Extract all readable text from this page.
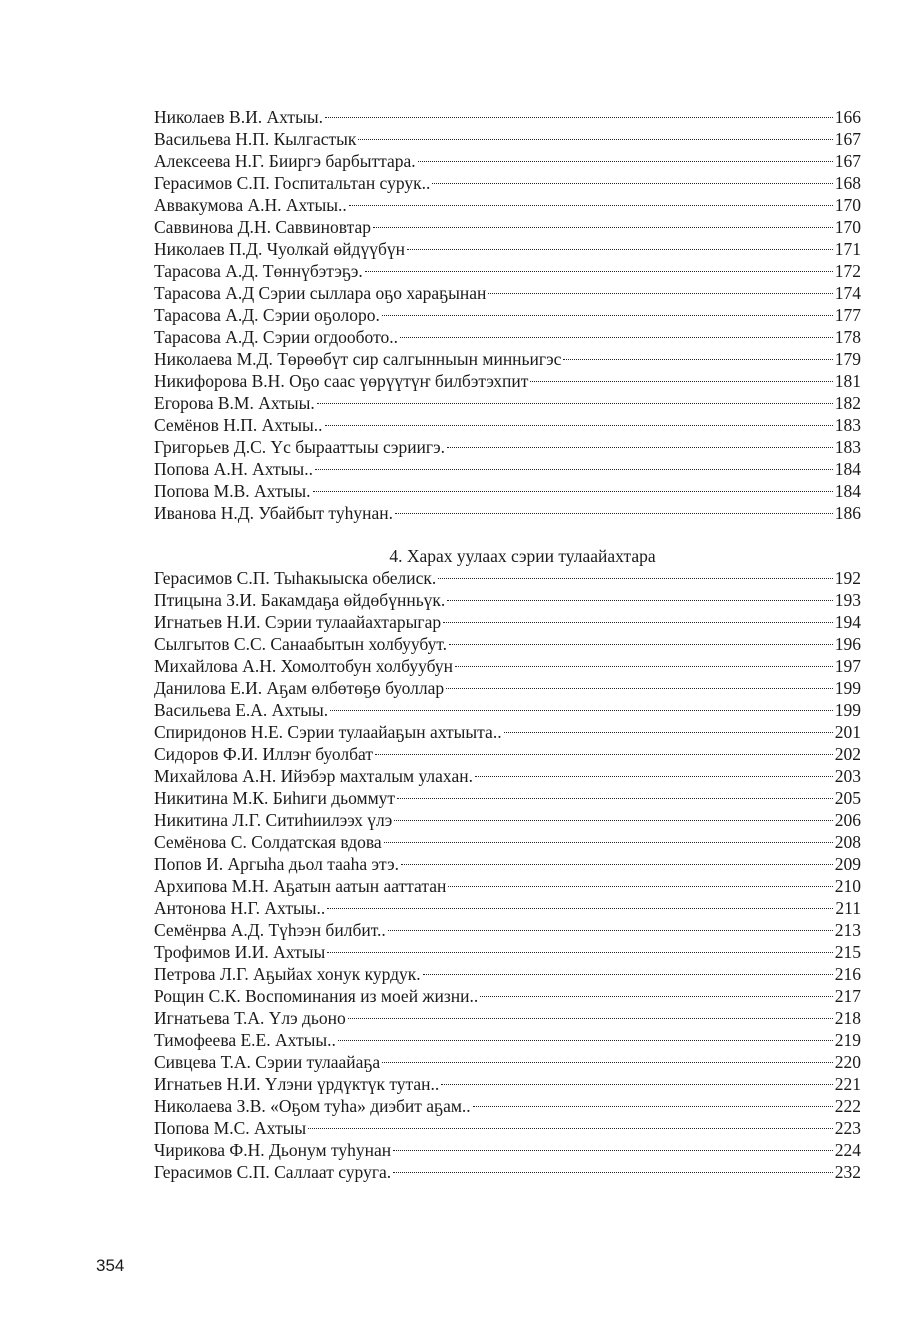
Николаев В.И. Ахтыы.	166
Васильева Н.П. Кылгастык	167
Алексеева Н.Г. Бииргэ барбыттара.	167
Герасимов С.П. Госпитальтан сурук..	168
Аввакумова А.Н. Ахтыы..	170
Саввинова Д.Н. Саввиновтар	170
Николаев П.Д. Чуолкай өйдүүбүн	171
Тарасова А.Д. Төннүбэтэҕэ.	172
Тарасова А.Д Сэрии сыллара оҕо хараҕынан	174
Тарасова А.Д. Сэрии оҕолоро.	177
Тарасова А.Д. Сэрии огдообото..	178
Николаева М.Д. Төрөөбүт сир салгынныын минньигэс	179
Никифорова В.Н. Оҕо саас үөрүүтүҥ билбэтэхпит	181
Егорова В.М. Ахтыы.	182
Семёнов Н.П. Ахтыы..	183
Григорьев Д.С. Үс бырааттыы сэриигэ.	183
Попова А.Н. Ахтыы..	184
Попова М.В. Ахтыы.	184
Иванова Н.Д. Убайбыт туһунан.	186
4. Харах уулаах сэрии тулаайахтара
Герасимов С.П. Тыһакыыска обелиск.	192
Птицына З.И. Бакамдаҕа өйдөбүнньүк.	193
Игнатьев Н.И. Сэрии тулаайахтарыгар	194
Сылгытов С.С. Санаабытын холбуубут.	196
Михайлова А.Н. Хомолтобун холбуубун	197
Данилова Е.И. Аҕам өлбөтөҕө буоллар	199
Васильева Е.А. Ахтыы.	199
Спиридонов Н.Е. Сэрии тулаайаҕын ахтыыта..	201
Сидоров Ф.И. Иллэҥ буолбат	202
Михайлова А.Н. Ийэбэр махталым улахан.	203
Никитина М.К. Биһиги дьоммут	205
Никитина Л.Г. Ситиһиилээх үлэ	206
Семёнова С. Солдатская вдова	208
Попов И. Аргыһа дьол тааһа этэ.	209
Архипова М.Н. Аҕатын аатын ааттатан	210
Антонова Н.Г. Ахтыы..	211
Семёнрва А.Д. Түһээн билбит..	213
Трофимов И.И. Ахтыы	215
Петрова Л.Г. Аҕыйах хонук курдук.	216
Рощин С.К. Воспоминания из моей жизни..	217
Игнатьева Т.А. Үлэ дьоно	218
Тимофеева Е.Е. Ахтыы..	219
Сивцева Т.А. Сэрии тулаайаҕа	220
Игнатьев Н.И. Үлэни үрдүктүк тутан..	221
Николаева З.В. «Оҕом туһа» диэбит аҕам..	222
Попова М.С. Ахтыы	223
Чирикова Ф.Н. Дьонум туһунан	224
Герасимов С.П. Саллаат суруга.	232
354
